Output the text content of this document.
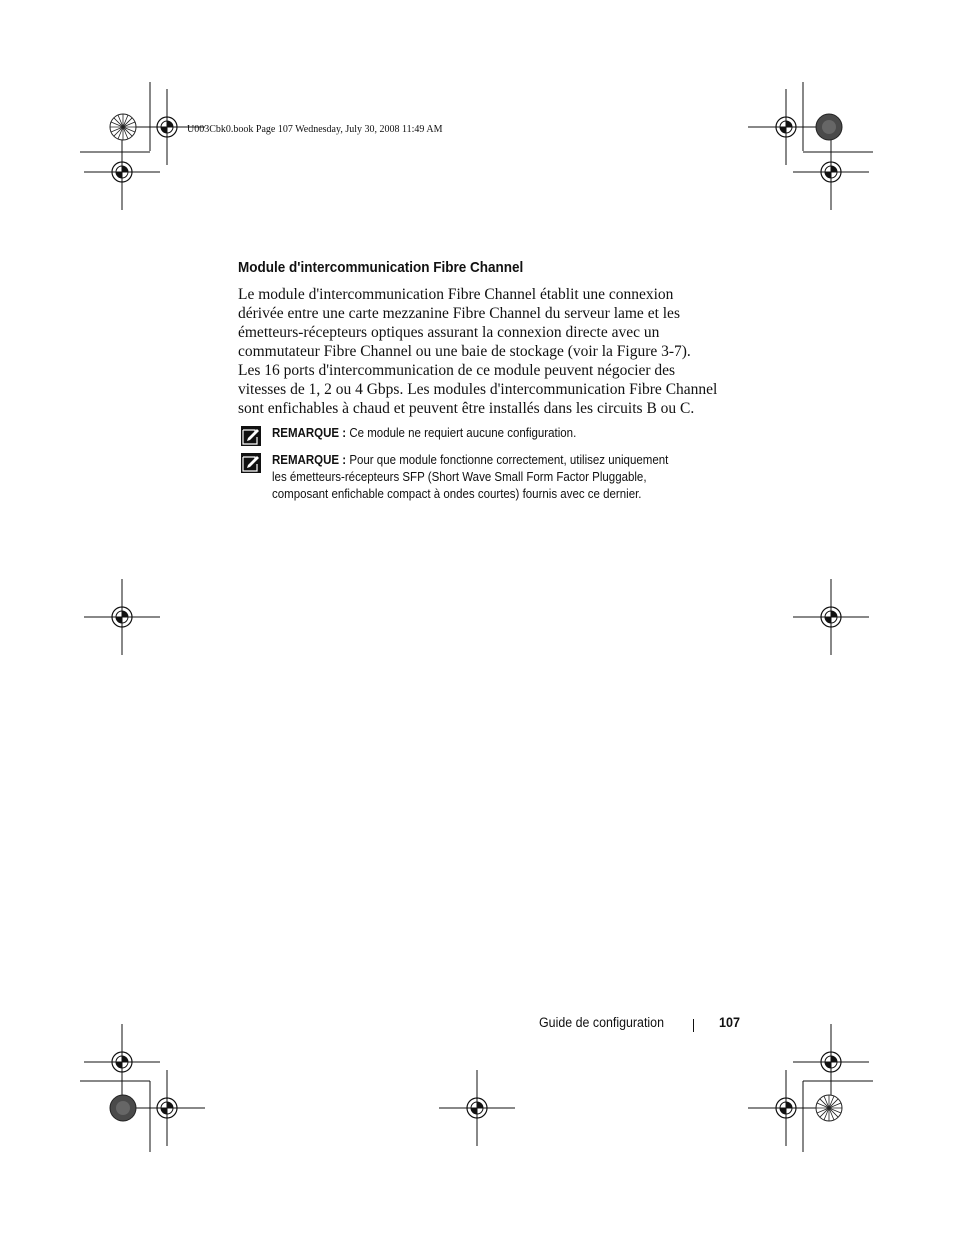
U003Cbk0.book Page 107 Wednesday, July 30, 2008 11:49 AM
Module d'intercommunication Fibre Channel

Le module d'intercommunication Fibre Channel établit une connexion
dérivée entre une carte mezzanine Fibre Channel du serveur lame et les
émetteurs-récepteurs optiques assurant la connexion directe avec un
commutateur Fibre Channel ou une baie de stockage (voir la Figure 3-7).
Les 16 ports d'intercommunication de ce module peuvent négocier des
vitesses de 1, 2 ou 4 Gbps. Les modules d'intercommunication Fibre Channel
sont enfichables à chaud et peuvent être installés dans les circuits B ou C.

REMARQUE : Ce module ne requiert aucune configuration.
REMARQUE : Pour que module fonctionne correctement, utilisez uniquement
les émetteurs-récepteurs SFP (Short Wave Small Form Factor Pluggable,
composant enfichable compact à ondes courtes) fournis avec ce dernier.
Guide de configuration	107
